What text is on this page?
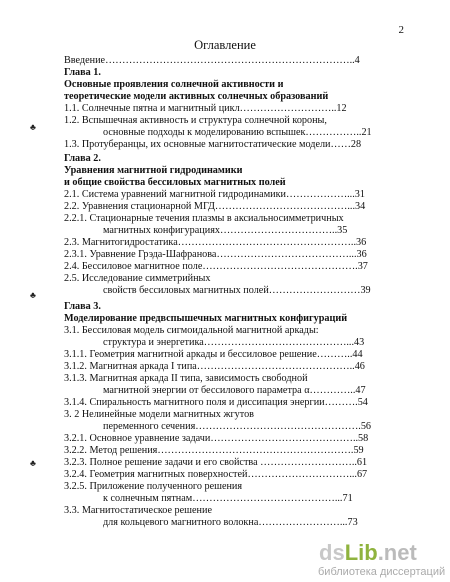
2
Оглавление
Введение………………………………………………………………..4
Глава 1.
Основные проявления солнечной активности и
теоретические модели активных солнечных образований
1.1. Солнечные пятна и магнитный цикл………………………..12
1.2. Вспышечная активность и структура солнечной короны,
основные подходы к моделированию вспышек……………..21
1.3. Протуберанцы, их основные магнитостатические модели……28
Глава 2.
Уравнения магнитной гидродинамики
и общие свойства бессиловых магнитных полей
2.1. Система уравнений магнитной гидродинамики………………...31
2.2. Уравнения стационарной МГД…………………………………...34
2.2.1. Стационарные течения плазмы в аксиальносимметричных
магнитных конфигурациях……………………………..35
2.3. Магнитогидростатика……………………………………………..36
2.3.1. Уравнение Грэда-Шафранова…………………………………...36
2.4. Бессиловое магнитное поле……………………………………….37
2.5. Исследование симметрийных
свойств бессиловых магнитных полей………………………39
Глава 3.
Моделирование предвспышечных магнитных конфигураций
3.1. Бессиловая модель сигмоидальной магнитной аркады:
структура и энергетика……………………………………...43
3.1.1. Геометрия магнитной аркады и бессиловое решение………..44
3.1.2. Магнитная аркада I типа………………………………………..46
3.1.3. Магнитная аркада II типа, зависимость свободной
магнитной энергии от бессилового параметра α…………..47
3.1.4. Спиральность магнитного поля и диссипация энергии……….54
3. 2 Нелинейные модели магнитных жгутов
переменного сечения………………………………………….56
3.2.1. Основное уравнение задачи……………………………………..58
3.2.2. Метод решения………………………………………………….59
3.2.3. Полное решение задачи и его свойства ………………………..61
3.2.4. Геометрия магнитных поверхностей…………………………...67
3.2.5. Приложение полученного решения
к солнечным пятнам……………………………………...71
3.3. Магнитостатическое решение
для кольцевого магнитного волокна……………………...73
♣
♣
♣
dsLib.net
библиотека диссертаций
